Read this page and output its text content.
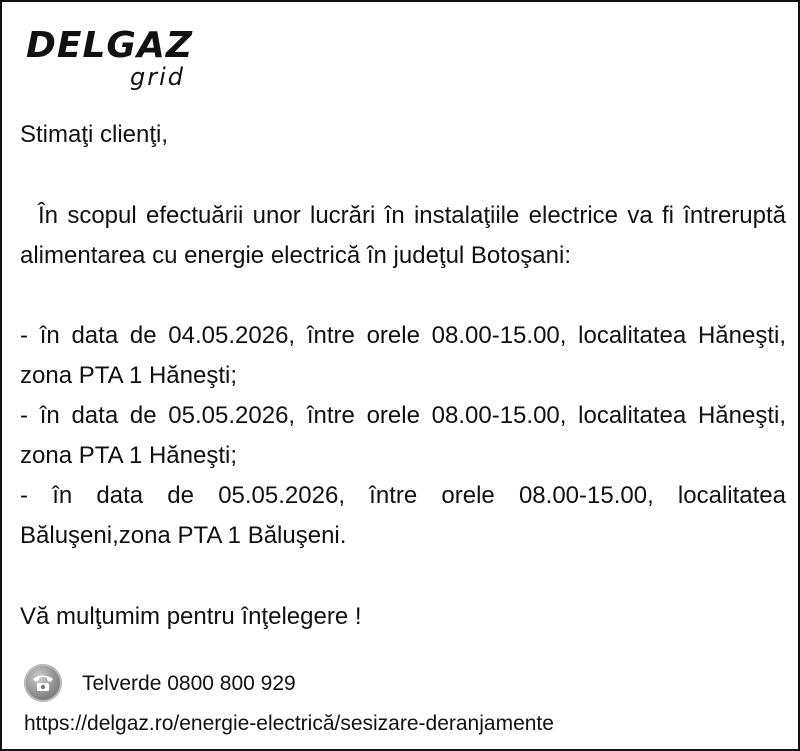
DELGAZ
grid

Stimaţi clienţi,

În scopul efectuării unor lucrări în instalaţiile electrice va fi întreruptă alimentarea cu energie electrică în judeţul Botoşani:

- în data de 04.05.2026, între orele 08.00-15.00, localitatea Hăneşti, zona PTA 1 Hăneşti;
- în data de 05.05.2026, între orele 08.00-15.00, localitatea Hăneşti, zona PTA 1 Hăneşti;
- în data de 05.05.2026, între orele 08.00-15.00, localitatea Băluşeni,zona PTA 1 Băluşeni.

Vă mulţumim pentru înţelegere !

Telverde 0800 800 929
https://delgaz.ro/energie-electrică/sesizare-deranjamente
